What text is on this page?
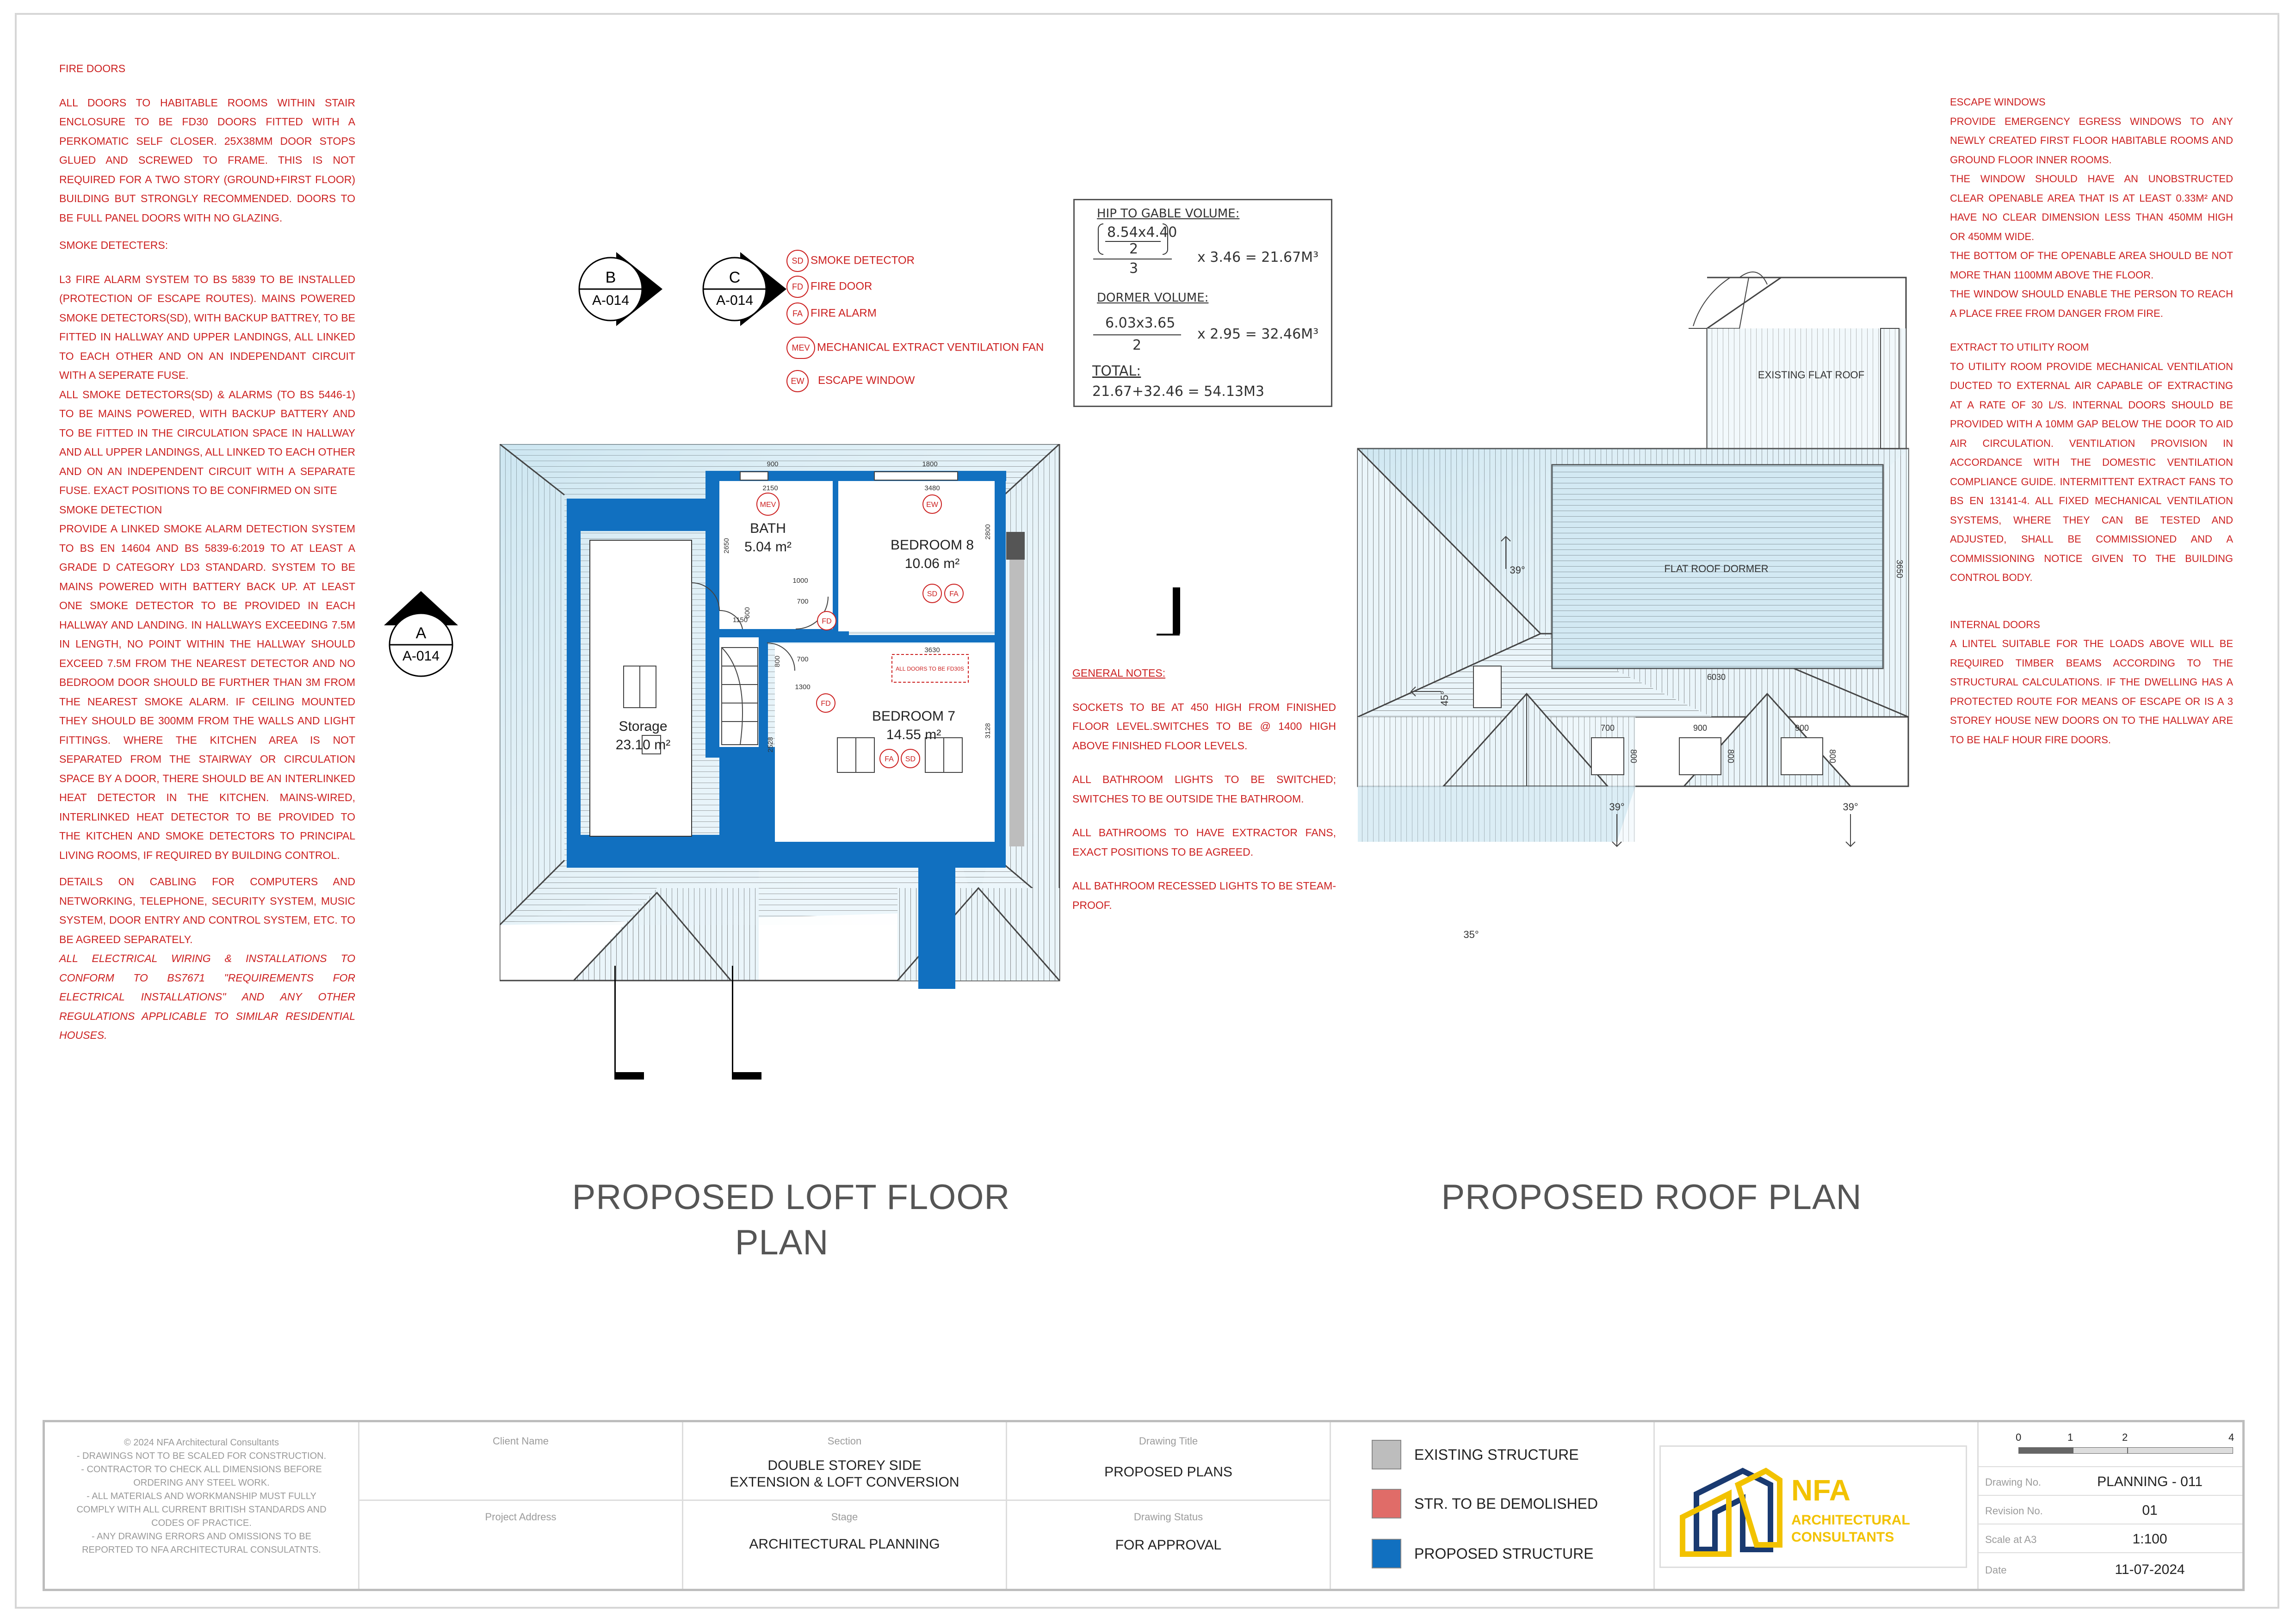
FIRE DOORS

ALL DOORS TO HABITABLE ROOMS WITHIN STAIR ENCLOSURE TO BE FD30 DOORS FITTED WITH A PERKOMATIC SELF CLOSER. 25X38MM DOOR STOPS GLUED AND SCREWED TO FRAME. THIS IS NOT REQUIRED FOR A TWO STORY (GROUND+FIRST FLOOR) BUILDING BUT STRONGLY RECOMMENDED. DOORS TO BE FULL PANEL DOORS WITH NO GLAZING.

SMOKE DETECTERS:

L3 FIRE ALARM SYSTEM TO BS 5839 TO BE INSTALLED (PROTECTION OF ESCAPE ROUTES). MAINS POWERED SMOKE DETECTORS(SD), WITH BACKUP BATTREY, TO BE FITTED IN HALLWAY AND UPPER LANDINGS, ALL LINKED TO EACH OTHER AND ON AN INDEPENDANT CIRCUIT WITH A SEPERATE FUSE.

ALL SMOKE DETECTORS(SD) & ALARMS (TO BS 5446-1) TO BE MAINS POWERED, WITH BACKUP BATTERY AND TO BE FITTED IN THE CIRCULATION SPACE IN HALLWAY AND ALL UPPER LANDINGS, ALL LINKED TO EACH OTHER AND ON AN INDEPENDENT CIRCUIT WITH A SEPARATE FUSE. EXACT POSITIONS TO BE CONFIRMED ON SITE

SMOKE DETECTION

PROVIDE A LINKED SMOKE ALARM DETECTION SYSTEM TO BS EN 14604 AND BS 5839-6:2019 TO AT LEAST A GRADE D CATEGORY LD3 STANDARD. SYSTEM TO BE MAINS POWERED WITH BATTERY BACK UP. AT LEAST ONE SMOKE DETECTOR TO BE PROVIDED IN EACH HALLWAY AND LANDING. IN HALLWAYS EXCEEDING 7.5M IN LENGTH, NO POINT WITHIN THE HALLWAY SHOULD EXCEED 7.5M FROM THE NEAREST DETECTOR AND NO BEDROOM DOOR SHOULD BE FURTHER THAN 3M FROM THE NEAREST SMOKE ALARM. IF CEILING MOUNTED THEY SHOULD BE 300MM FROM THE WALLS AND LIGHT FITTINGS. WHERE THE KITCHEN AREA IS NOT SEPARATED FROM THE STAIRWAY OR CIRCULATION SPACE BY A DOOR, THERE SHOULD BE AN INTERLINKED HEAT DETECTOR IN THE KITCHEN. MAINS-WIRED, INTERLINKED HEAT DETECTOR TO BE PROVIDED TO THE KITCHEN AND SMOKE DETECTORS TO PRINCIPAL LIVING ROOMS, IF REQUIRED BY BUILDING CONTROL.

DETAILS ON CABLING FOR COMPUTERS AND NETWORKING, TELEPHONE, SECURITY SYSTEM, MUSIC SYSTEM, DOOR ENTRY AND CONTROL SYSTEM, ETC. TO BE AGREED SEPARATELY.

ALL ELECTRICAL WIRING & INSTALLATIONS TO CONFORM TO BS7671 "REQUIREMENTS FOR ELECTRICAL INSTALLATIONS" AND ANY OTHER REGULATIONS APPLICABLE TO SIMILAR RESIDENTIAL HOUSES.

ESCAPE WINDOWS

PROVIDE EMERGENCY EGRESS WINDOWS TO ANY NEWLY CREATED FIRST FLOOR HABITABLE ROOMS AND GROUND FLOOR INNER ROOMS.

THE WINDOW SHOULD HAVE AN UNOBSTRUCTED CLEAR OPENABLE AREA THAT IS AT LEAST 0.33M² AND HAVE NO CLEAR DIMENSION LESS THAN 450MM HIGH OR 450MM WIDE.

THE BOTTOM OF THE OPENABLE AREA SHOULD BE NOT MORE THAN 1100MM ABOVE THE FLOOR.

THE WINDOW SHOULD ENABLE THE PERSON TO REACH A PLACE FREE FROM DANGER FROM FIRE.

EXTRACT TO UTILITY ROOM

TO UTILITY ROOM PROVIDE MECHANICAL VENTILATION DUCTED TO EXTERNAL AIR CAPABLE OF EXTRACTING AT A RATE OF 30 L/S. INTERNAL DOORS SHOULD BE PROVIDED WITH A 10MM GAP BELOW THE DOOR TO AID AIR CIRCULATION. VENTILATION PROVISION IN ACCORDANCE WITH THE DOMESTIC VENTILATION COMPLIANCE GUIDE. INTERMITTENT EXTRACT FANS TO BS EN 13141-4. ALL FIXED MECHANICAL VENTILATION SYSTEMS, WHERE THEY CAN BE TESTED AND ADJUSTED, SHALL BE COMMISSIONED AND A COMMISSIONING NOTICE GIVEN TO THE BUILDING CONTROL BODY.

INTERNAL DOORS

A LINTEL SUITABLE FOR THE LOADS ABOVE WILL BE REQUIRED TIMBER BEAMS ACCORDING TO THE STRUCTURAL CALCULATIONS. IF THE DWELLING HAS A PROTECTED ROUTE FOR MEANS OF ESCAPE OR IS A 3 STOREY HOUSE NEW DOORS ON TO THE HALLWAY ARE TO BE HALF HOUR FIRE DOORS.

GENERAL NOTES:

SOCKETS TO BE AT 450 HIGH FROM FINISHED FLOOR LEVEL.SWITCHES TO BE @ 1400 HIGH ABOVE FINISHED FLOOR LEVELS.

ALL BATHROOM LIGHTS TO BE SWITCHED; SWITCHES TO BE OUTSIDE THE BATHROOM.

ALL BATHROOMS TO HAVE EXTRACTOR FANS, EXACT POSITIONS TO BE AGREED.

ALL BATHROOM RECESSED LIGHTS TO BE STEAM-PROOF.

SD SMOKE DETECTOR
FD FIRE DOOR
FA FIRE ALARM
MEV MECHANICAL EXTRACT VENTILATION FAN
EW ESCAPE WINDOW
B
A-014
C
A-014
A
A-014
HIP TO GABLE VOLUME:
8.54x4.40
2
3
x 3.46 = 21.67M³
DORMER VOLUME:
6.03x3.65
2
x 2.95 = 32.46M³
TOTAL:
21.67+32.46 = 54.13M3
ALL DOORS TO BE FD30S
BATH
5.04 m²	BEDROOM 8
10.06 m²
BEDROOM 7
14.55 m²
Storage
23.10 m²
900	1800
2150	3480
1000
700
700
1150
3630
1300
2650
2800
600
800
2528
3128
MEV	EW
SD FA
FD
FD
FA SD
PROPOSED LOFT FLOOR
PLAN
EXISTING FLAT ROOF
FLAT ROOF DORMER
6030
3650
700	900	900
800	800	800
39°
45°
39°	39°
35°
PROPOSED ROOF PLAN
© 2024 NFA Architectural Consultants
- DRAWINGS NOT TO BE SCALED FOR CONSTRUCTION.
- CONTRACTOR TO CHECK ALL DIMENSIONS BEFORE
ORDERING ANY STEEL WORK.
- ALL MATERIALS AND WORKMANSHIP MUST FULLY
COMPLY WITH ALL CURRENT BRITISH STANDARDS AND
CODES OF PRACTICE.
- ANY DRAWING ERRORS AND OMISSIONS TO BE
REPORTED TO NFA ARCHITECTURAL CONSULATNTS.
Client Name
Project Address
Section
DOUBLE STOREY SIDE
EXTENSION & LOFT CONVERSION
Stage
ARCHITECTURAL PLANNING
Drawing Title
PROPOSED PLANS
Drawing Status
FOR APPROVAL
EXISTING STRUCTURE
STR. TO BE DEMOLISHED
PROPOSED STRUCTURE
NFA
ARCHITECTURAL
CONSULTANTS
0	1	2	4
Drawing No.	PLANNING - 011
Revision No.	01
Scale at A3	1:100
Date	11-07-2024
